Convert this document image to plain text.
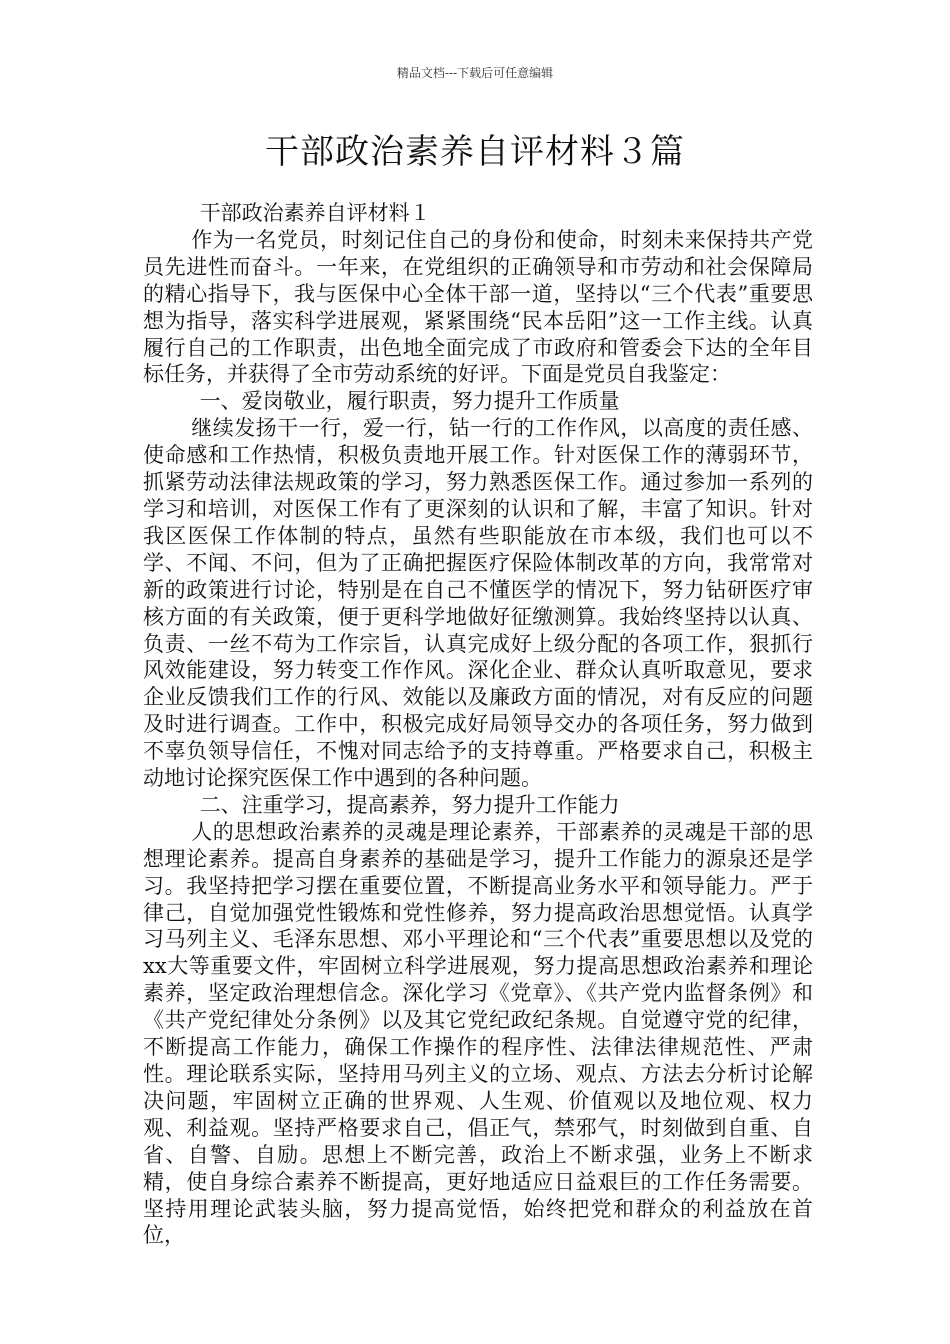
精品文档---下载后可任意编辑
干部政治素养自评材料３篇

干部政治素养自评材料１

作为一名党员，时刻记住自己的身份和使命，时刻未来保持共产党员先进性而奋斗。一年来，在党组织的正确领导和市劳动和社会保障局的精心指导下，我与医保中心全体干部一道，坚持以“三个代表”重要思想为指导，落实科学进展观，紧紧围绕“民本岳阳”这一工作主线。认真履行自己的工作职责，出色地全面完成了市政府和管委会下达的全年目标任务，并获得了全市劳动系统的好评。下面是党员自我鉴定：

一、爱岗敬业，履行职责，努力提升工作质量

继续发扬干一行，爱一行，钻一行的工作作风，以高度的责任感、使命感和工作热情，积极负责地开展工作。针对医保工作的薄弱环节，抓紧劳动法律法规政策的学习，努力熟悉医保工作。通过参加一系列的学习和培训，对医保工作有了更深刻的认识和了解，丰富了知识。针对我区医保工作体制的特点，虽然有些职能放在市本级，我们也可以不学、不闻、不问，但为了正确把握医疗保险体制改革的方向，我常常对新的政策进行讨论，特别是在自己不懂医学的情况下，努力钻研医疗审核方面的有关政策，便于更科学地做好征缴测算。我始终坚持以认真、负责、一丝不苟为工作宗旨，认真完成好上级分配的各项工作，狠抓行风效能建设，努力转变工作作风。深化企业、群众认真听取意见，要求企业反馈我们工作的行风、效能以及廉政方面的情况，对有反应的问题及时进行调查。工作中，积极完成好局领导交办的各项任务，努力做到不辜负领导信任，不愧对同志给予的支持尊重。严格要求自己，积极主动地讨论探究医保工作中遇到的各种问题。

二、注重学习，提高素养，努力提升工作能力

人的思想政治素养的灵魂是理论素养，干部素养的灵魂是干部的思想理论素养。提高自身素养的基础是学习，提升工作能力的源泉还是学习。我坚持把学习摆在重要位置，不断提高业务水平和领导能力。严于律己，自觉加强党性锻炼和党性修养，努力提高政治思想觉悟。认真学习马列主义、毛泽东思想、邓小平理论和“三个代表”重要思想以及党的xx大等重要文件，牢固树立科学进展观，努力提高思想政治素养和理论素养，坚定政治理想信念。深化学习《党章》、《共产党内监督条例》和《共产党纪律处分条例》以及其它党纪政纪条规。自觉遵守党的纪律，不断提高工作能力，确保工作操作的程序性、法律法律规范性、严肃性。理论联系实际，坚持用马列主义的立场、观点、方法去分析讨论解决问题，牢固树立正确的世界观、人生观、价值观以及地位观、权力观、利益观。坚持严格要求自己，倡正气，禁邪气，时刻做到自重、自省、自警、自励。思想上不断完善，政治上不断求强，业务上不断求精，使自身综合素养不断提高，更好地适应日益艰巨的工作任务需要。坚持用理论武装头脑，努力提高觉悟，始终把党和群众的利益放在首位，
